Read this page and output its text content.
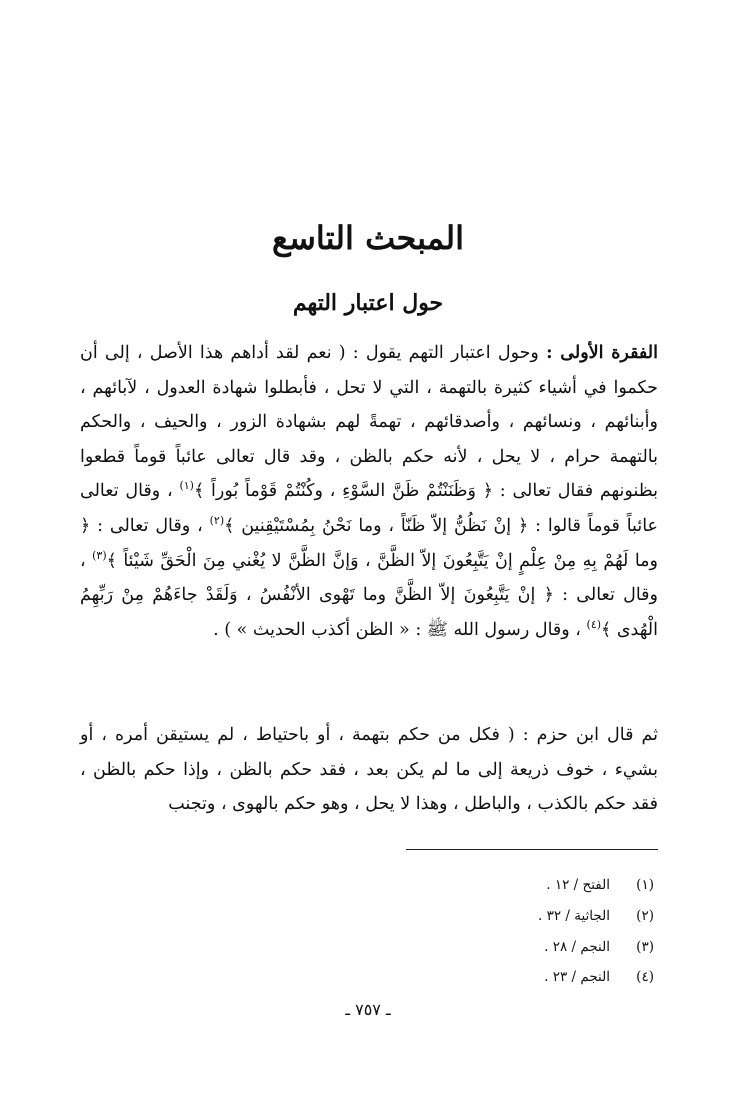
المبحث التاسع
حول اعتبار التهم

الفقرة الأولى : وحول اعتبار التهم يقول : ( نعم لقد أداهم هذا الأصل ، إلى أن حكموا في أشياء كثيرة بالتهمة ، التي لا تحل ، فأبطلوا شهادة العدول ، لآبائهم ، وأبنائهم ، ونسائهم ، وأصدقائهم ، تهمةً لهم بشهادة الزور ، والحيف ، والحكم بالتهمة حرام ، لا يحل ، لأنه حكم بالظن ، وقد قال تعالى عائباً قوماً قطعوا بظنونهم فقال تعالى : ﴿ وَظَنَنْتُمْ ظَنَّ السَّوْءِ ، وكُنْتُمْ قَوْماً بُوراً ﴾$^{(١)}$ ، وقال تعالى عائباً قوماً قالوا : ﴿ إنْ نَظُنُّ إلاّ ظَنّاً ، وما نَحْنُ بِمُسْتَيْقِنين ﴾$^{(٢)}$ ، وقال تعالى : ﴿ وما لَهُمْ بِهِ مِنْ عِلْمٍ إنْ يَتَّبِعُونَ إلاّ الظَّنَّ ، وَإنَّ الظَّنَّ لا يُغْني مِنَ الْحَقِّ شَيْئاً ﴾$^{(٣)}$ ، وقال تعالى : ﴿ إنْ يَتَّبِعُونَ إلاّ الظَّنَّ وما تَهْوى الأنْفُسُ ، وَلَقَدْ جاءَهُمْ مِنْ رَبِّهِمُ الْهُدى ﴾$^{(٤)}$ ، وقال رسول الله ﷺ : « الظن أكذب الحديث » ) .

ثم قال ابن حزم : ( فكل من حكم بتهمة ، أو باحتياط ، لم يستيقن أمره ، أو بشيء ، خوف ذريعة إلى ما لم يكن بعد ، فقد حكم بالظن ، وإذا حكم بالظن ، فقد حكم بالكذب ، والباطل ، وهذا لا يحل ، وهو حكم بالهوى ، وتجنب

(١)الفتح / ١٢ .
(٢)الجاثية / ٣٢ .
(٣)النجم / ٢٨ .
(٤)النجم / ٢٣ .
ـ ٧٥٧ ـ
